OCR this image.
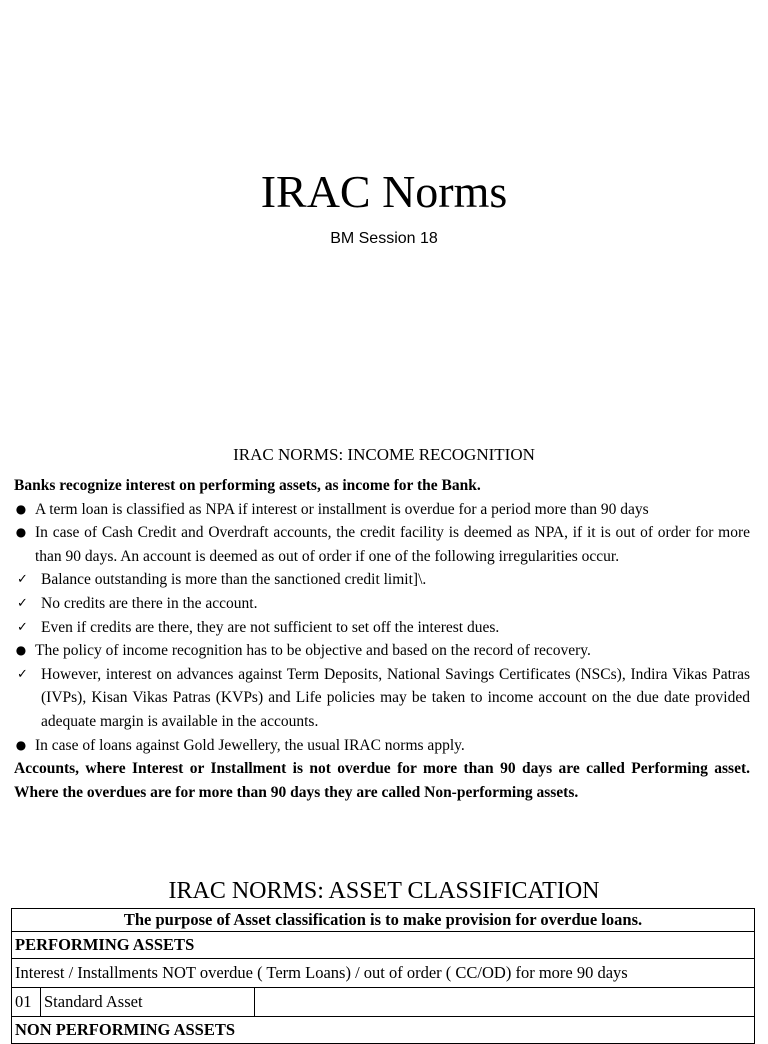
IRAC Norms
BM Session 18
IRAC NORMS: INCOME RECOGNITION

Banks recognize interest on performing assets, as income for the Bank.

● A term loan is classified as NPA if interest or installment is overdue for a period more than 90 days
● In case of Cash Credit and Overdraft accounts, the credit facility is deemed as NPA, if it is out of order for more than 90 days. An account is deemed as out of order if one of the following irregularities occur.
✓ Balance outstanding is more than the sanctioned credit limit]\.
✓ No credits are there in the account.
✓ Even if credits are there, they are not sufficient to set off the interest dues.
● The policy of income recognition has to be objective and based on the record of recovery.
✓ However, interest on advances against Term Deposits, National Savings Certificates (NSCs), Indira Vikas Patras (IVPs), Kisan Vikas Patras (KVPs) and Life policies may be taken to income account on the due date provided adequate margin is available in the accounts.
● In case of loans against Gold Jewellery, the usual IRAC norms apply.

Accounts, where Interest or Installment is not overdue for more than 90 days are called Performing asset. Where the overdues are for more than 90 days they are called Non-performing assets.

IRAC NORMS: ASSET CLASSIFICATION
The purpose of Asset classification is to make provision for overdue loans.
PERFORMING ASSETS
Interest / Installments NOT overdue ( Term Loans) / out of order ( CC/OD) for more 90 days
01	Standard Asset	
NON PERFORMING ASSETS
